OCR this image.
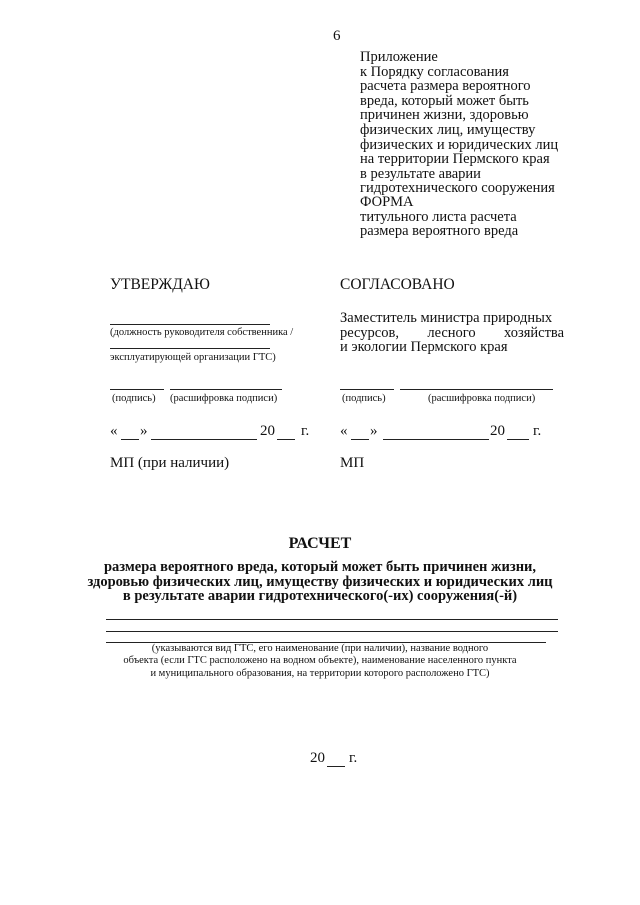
6
Приложение
к Порядку согласования
расчета размера вероятного
вреда, который может быть
причинен жизни, здоровью
физических лиц, имуществу
физических и юридических лиц
на территории Пермского края
в результате аварии
гидротехнического сооружения
ФОРМА
титульного листа расчета
размера вероятного вреда
УТВЕРЖДАЮ
(должность руководителя собственника /
эксплуатирующей организации ГТС)
(подпись) (расшифровка подписи)
« »	20 г.
МП (при наличии)
СОГЛАСОВАНО
Заместитель министра природных
ресурсов, лесного хозяйства
и экологии Пермского края
(подпись)	(расшифровка подписи)
« »	20 г.
МП
РАСЧЕТ
размера вероятного вреда, который может быть причинен жизни,
здоровью физических лиц, имуществу физических и юридических лиц
в результате аварии гидротехнического(-их) сооружения(-й)
(указываются вид ГТС, его наименование (при наличии), название водного
объекта (если ГТС расположено на водном объекте), наименование населенного пункта
и муниципального образования, на территории которого расположено ГТС)
20 г.
